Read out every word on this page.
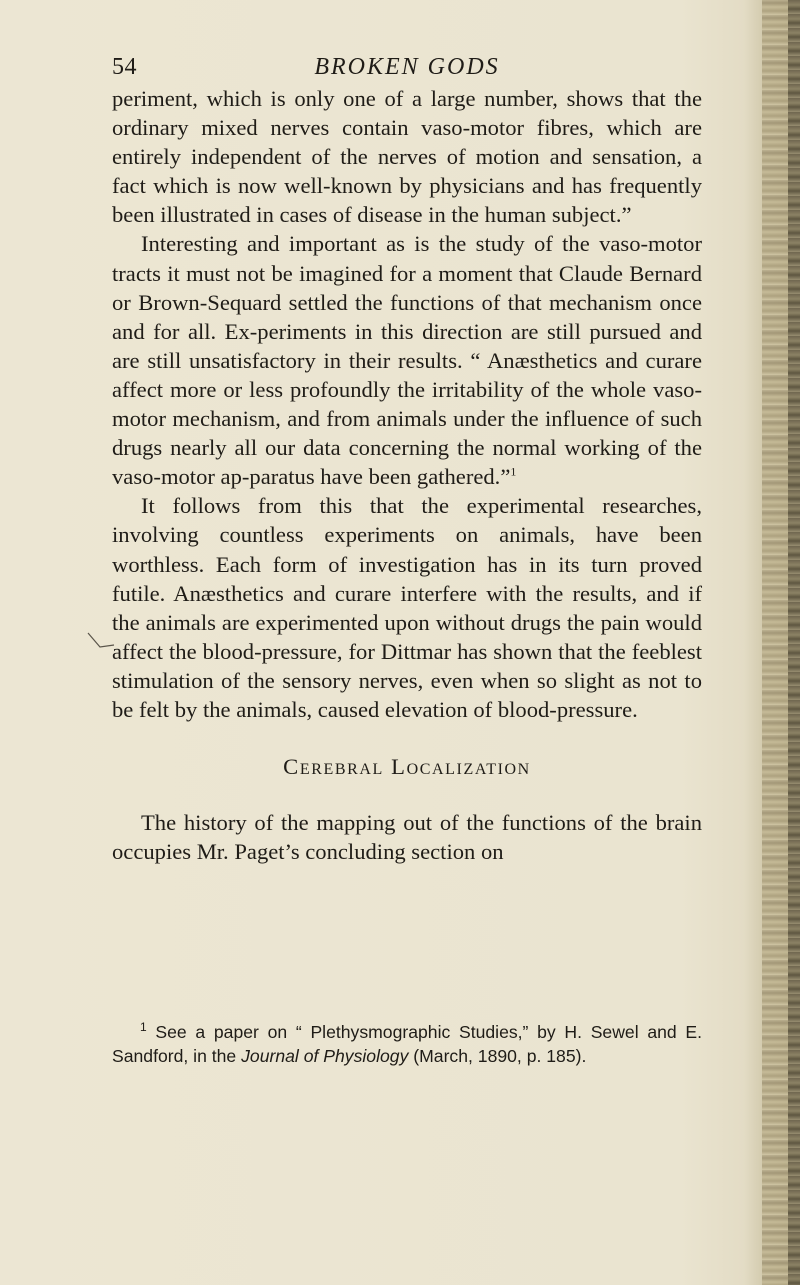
54	BROKEN GODS

periment, which is only one of a large number, shows that the ordinary mixed nerves contain vaso-motor fibres, which are entirely independent of the nerves of motion and sensation, a fact which is now well-known by physicians and has frequently been illustrated in cases of disease in the human subject.”

Interesting and important as is the study of the vaso-motor tracts it must not be imagined for a moment that Claude Bernard or Brown-Sequard settled the functions of that mechanism once and for all. Ex-periments in this direction are still pursued and are still unsatisfactory in their results. “ Anæsthetics and curare affect more or less profoundly the irritability of the whole vaso-motor mechanism, and from animals under the influence of such drugs nearly all our data concerning the normal working of the vaso-motor ap-paratus have been gathered.”$^1$

It follows from this that the experimental researches, involving countless experiments on animals, have been worthless. Each form of investigation has in its turn proved futile. Anæsthetics and curare interfere with the results, and if the animals are experimented upon without drugs the pain would affect the blood-pressure, for Dittmar has shown that the feeblest stimulation of the sensory nerves, even when so slight as not to be felt by the animals, caused elevation of blood-pressure.

Cerebral Localization

The history of the mapping out of the functions of the brain occupies Mr. Paget’s concluding section on

$^1$ See a paper on “ Plethysmographic Studies,” by H. Sewel and E. Sandford, in the Journal of Physiology (March, 1890, p. 185).
